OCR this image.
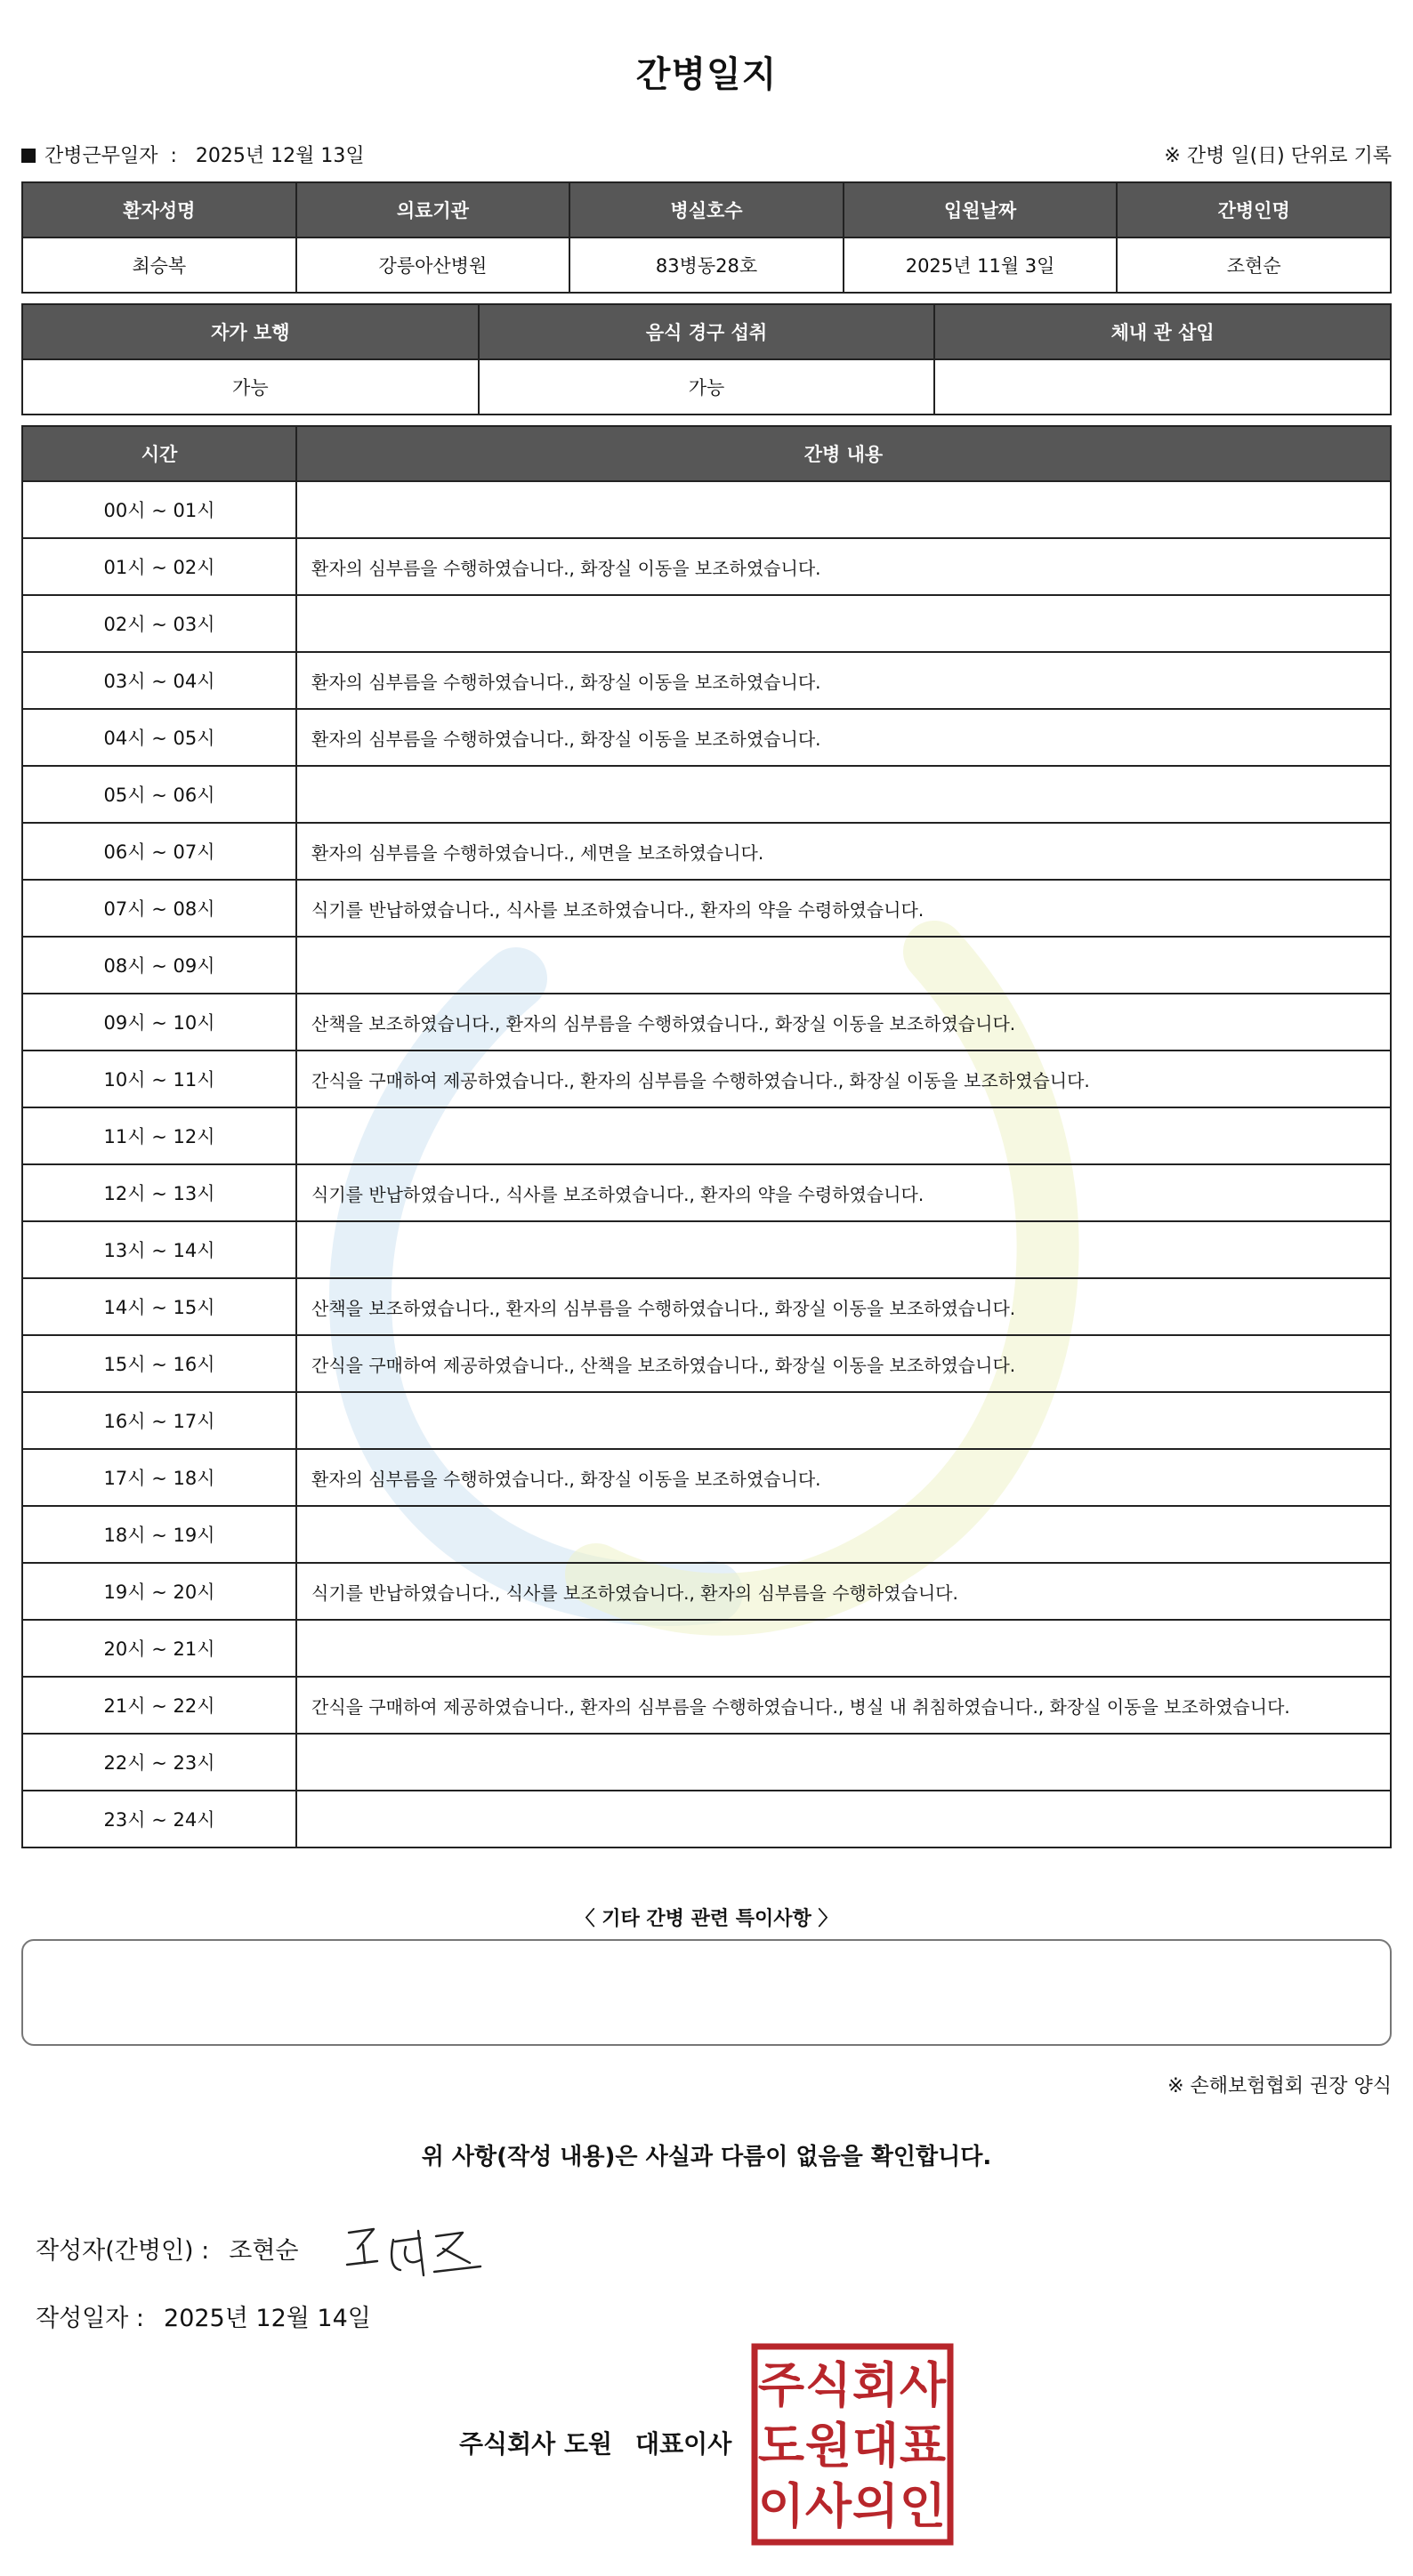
간병일지
간병근무일자 : 2025년 12월 13일	※ 간병 일(日) 단위로 기록
환자성명	의료기관	병실호수	입원날짜	간병인명
최승복	강릉아산병원	83병동28호	2025년 11월 3일	조현순
자가 보행	음식 경구 섭취	체내 관 삽입
가능	가능	
시간	간병 내용
00시 ~ 01시	
01시 ~ 02시	환자의 심부름을 수행하였습니다., 화장실 이동을 보조하였습니다.
02시 ~ 03시	
03시 ~ 04시	환자의 심부름을 수행하였습니다., 화장실 이동을 보조하였습니다.
04시 ~ 05시	환자의 심부름을 수행하였습니다., 화장실 이동을 보조하였습니다.
05시 ~ 06시	
06시 ~ 07시	환자의 심부름을 수행하였습니다., 세면을 보조하였습니다.
07시 ~ 08시	식기를 반납하였습니다., 식사를 보조하였습니다., 환자의 약을 수령하였습니다.
08시 ~ 09시	
09시 ~ 10시	산책을 보조하였습니다., 환자의 심부름을 수행하였습니다., 화장실 이동을 보조하였습니다.
10시 ~ 11시	간식을 구매하여 제공하였습니다., 환자의 심부름을 수행하였습니다., 화장실 이동을 보조하였습니다.
11시 ~ 12시	
12시 ~ 13시	식기를 반납하였습니다., 식사를 보조하였습니다., 환자의 약을 수령하였습니다.
13시 ~ 14시	
14시 ~ 15시	산책을 보조하였습니다., 환자의 심부름을 수행하였습니다., 화장실 이동을 보조하였습니다.
15시 ~ 16시	간식을 구매하여 제공하였습니다., 산책을 보조하였습니다., 화장실 이동을 보조하였습니다.
16시 ~ 17시	
17시 ~ 18시	환자의 심부름을 수행하였습니다., 화장실 이동을 보조하였습니다.
18시 ~ 19시	
19시 ~ 20시	식기를 반납하였습니다., 식사를 보조하였습니다., 환자의 심부름을 수행하였습니다.
20시 ~ 21시	
21시 ~ 22시	간식을 구매하여 제공하였습니다., 환자의 심부름을 수행하였습니다., 병실 내 취침하였습니다., 화장실 이동을 보조하였습니다.
22시 ~ 23시	
23시 ~ 24시	
〈 기타 간병 관련 특이사항 〉
※ 손해보험협회 권장 양식
위 사항(작성 내용)은 사실과 다름이 없음을 확인합니다.
작성자(간병인) : 조현순
작성일자 : 2025년 12월 14일
주식회사 도원 대표이사
주 식 회 사
도 원 대 표
이 사 의 인
